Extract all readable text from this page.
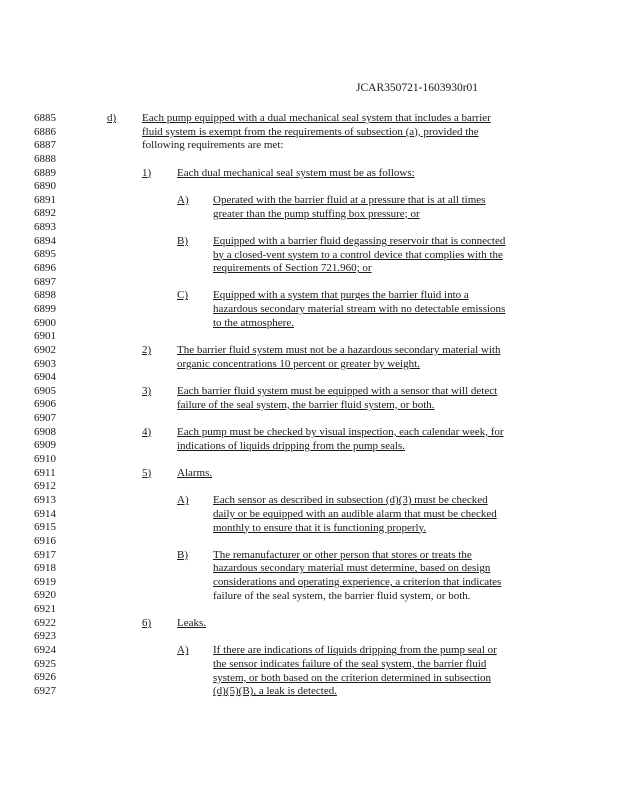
JCAR350721-1603930r01
6885
6886
6887
6888
6889
6890
6891
6892
6893
6894
6895
6896
6897
6898
6899
6900
6901
6902
6903
6904
6905
6906
6907
6908
6909
6910
6911
6912
6913
6914
6915
6916
6917
6918
6919
6920
6921
6922
6923
6924
6925
6926
6927
d) Each pump equipped with a dual mechanical seal system that includes a barrier
fluid system is exempt from the requirements of subsection (a), provided the
following requirements are met:
1) Each dual mechanical seal system must be as follows:
A) Operated with the barrier fluid at a pressure that is at all times
greater than the pump stuffing box pressure; or
B) Equipped with a barrier fluid degassing reservoir that is connected
by a closed-vent system to a control device that complies with the
requirements of Section 721.960; or
C) Equipped with a system that purges the barrier fluid into a
hazardous secondary material stream with no detectable emissions
to the atmosphere.
2) The barrier fluid system must not be a hazardous secondary material with
organic concentrations 10 percent or greater by weight.
3) Each barrier fluid system must be equipped with a sensor that will detect
failure of the seal system, the barrier fluid system, or both.
4) Each pump must be checked by visual inspection, each calendar week, for
indications of liquids dripping from the pump seals.
5) Alarms.
A) Each sensor as described in subsection (d)(3) must be checked
daily or be equipped with an audible alarm that must be checked
monthly to ensure that it is functioning properly.
B) The remanufacturer or other person that stores or treats the
hazardous secondary material must determine, based on design
considerations and operating experience, a criterion that indicates
failure of the seal system, the barrier fluid system, or both.
6) Leaks.
A) If there are indications of liquids dripping from the pump seal or
the sensor indicates failure of the seal system, the barrier fluid
system, or both based on the criterion determined in subsection
(d)(5)(B), a leak is detected.
